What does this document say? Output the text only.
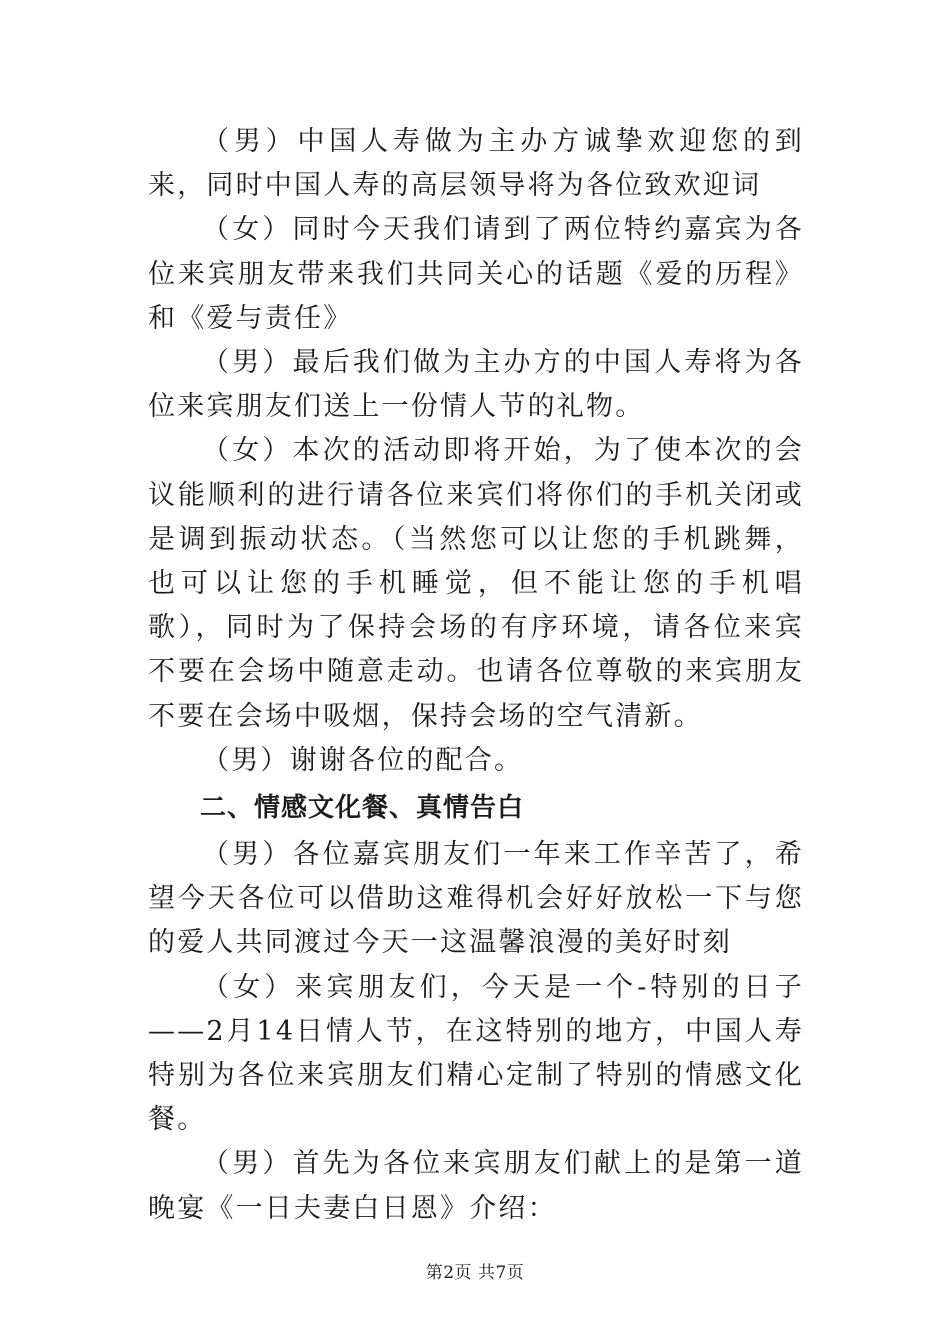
（男）中国人寿做为主办方诚挚欢迎您的到来，同时中国人寿的高层领导将为各位致欢迎词

（女）同时今天我们请到了两位特约嘉宾为各位来宾朋友带来我们共同关心的话题《爱的历程》和《爱与责任》

（男）最后我们做为主办方的中国人寿将为各位来宾朋友们送上一份情人节的礼物。

（女）本次的活动即将开始，为了使本次的会议能顺利的进行请各位来宾们将你们的手机关闭或是调到振动状态。（当然您可以让您的手机跳舞，也可以让您的手机睡觉，但不能让您的手机唱歌），同时为了保持会场的有序环境，请各位来宾不要在会场中随意走动。也请各位尊敬的来宾朋友不要在会场中吸烟，保持会场的空气清新。

（男）谢谢各位的配合。

二、情感文化餐、真情告白

（男）各位嘉宾朋友们一年来工作辛苦了，希望今天各位可以借助这难得机会好好放松一下与您的爱人共同渡过今天一这温馨浪漫的美好时刻

（女）来宾朋友们，今天是一个-特别的日子——2月14日情人节，在这特别的地方，中国人寿特别为各位来宾朋友们精心定制了特别的情感文化餐。

（男）首先为各位来宾朋友们献上的是第一道晚宴《一日夫妻白日恩》介绍：

第2页 共7页
